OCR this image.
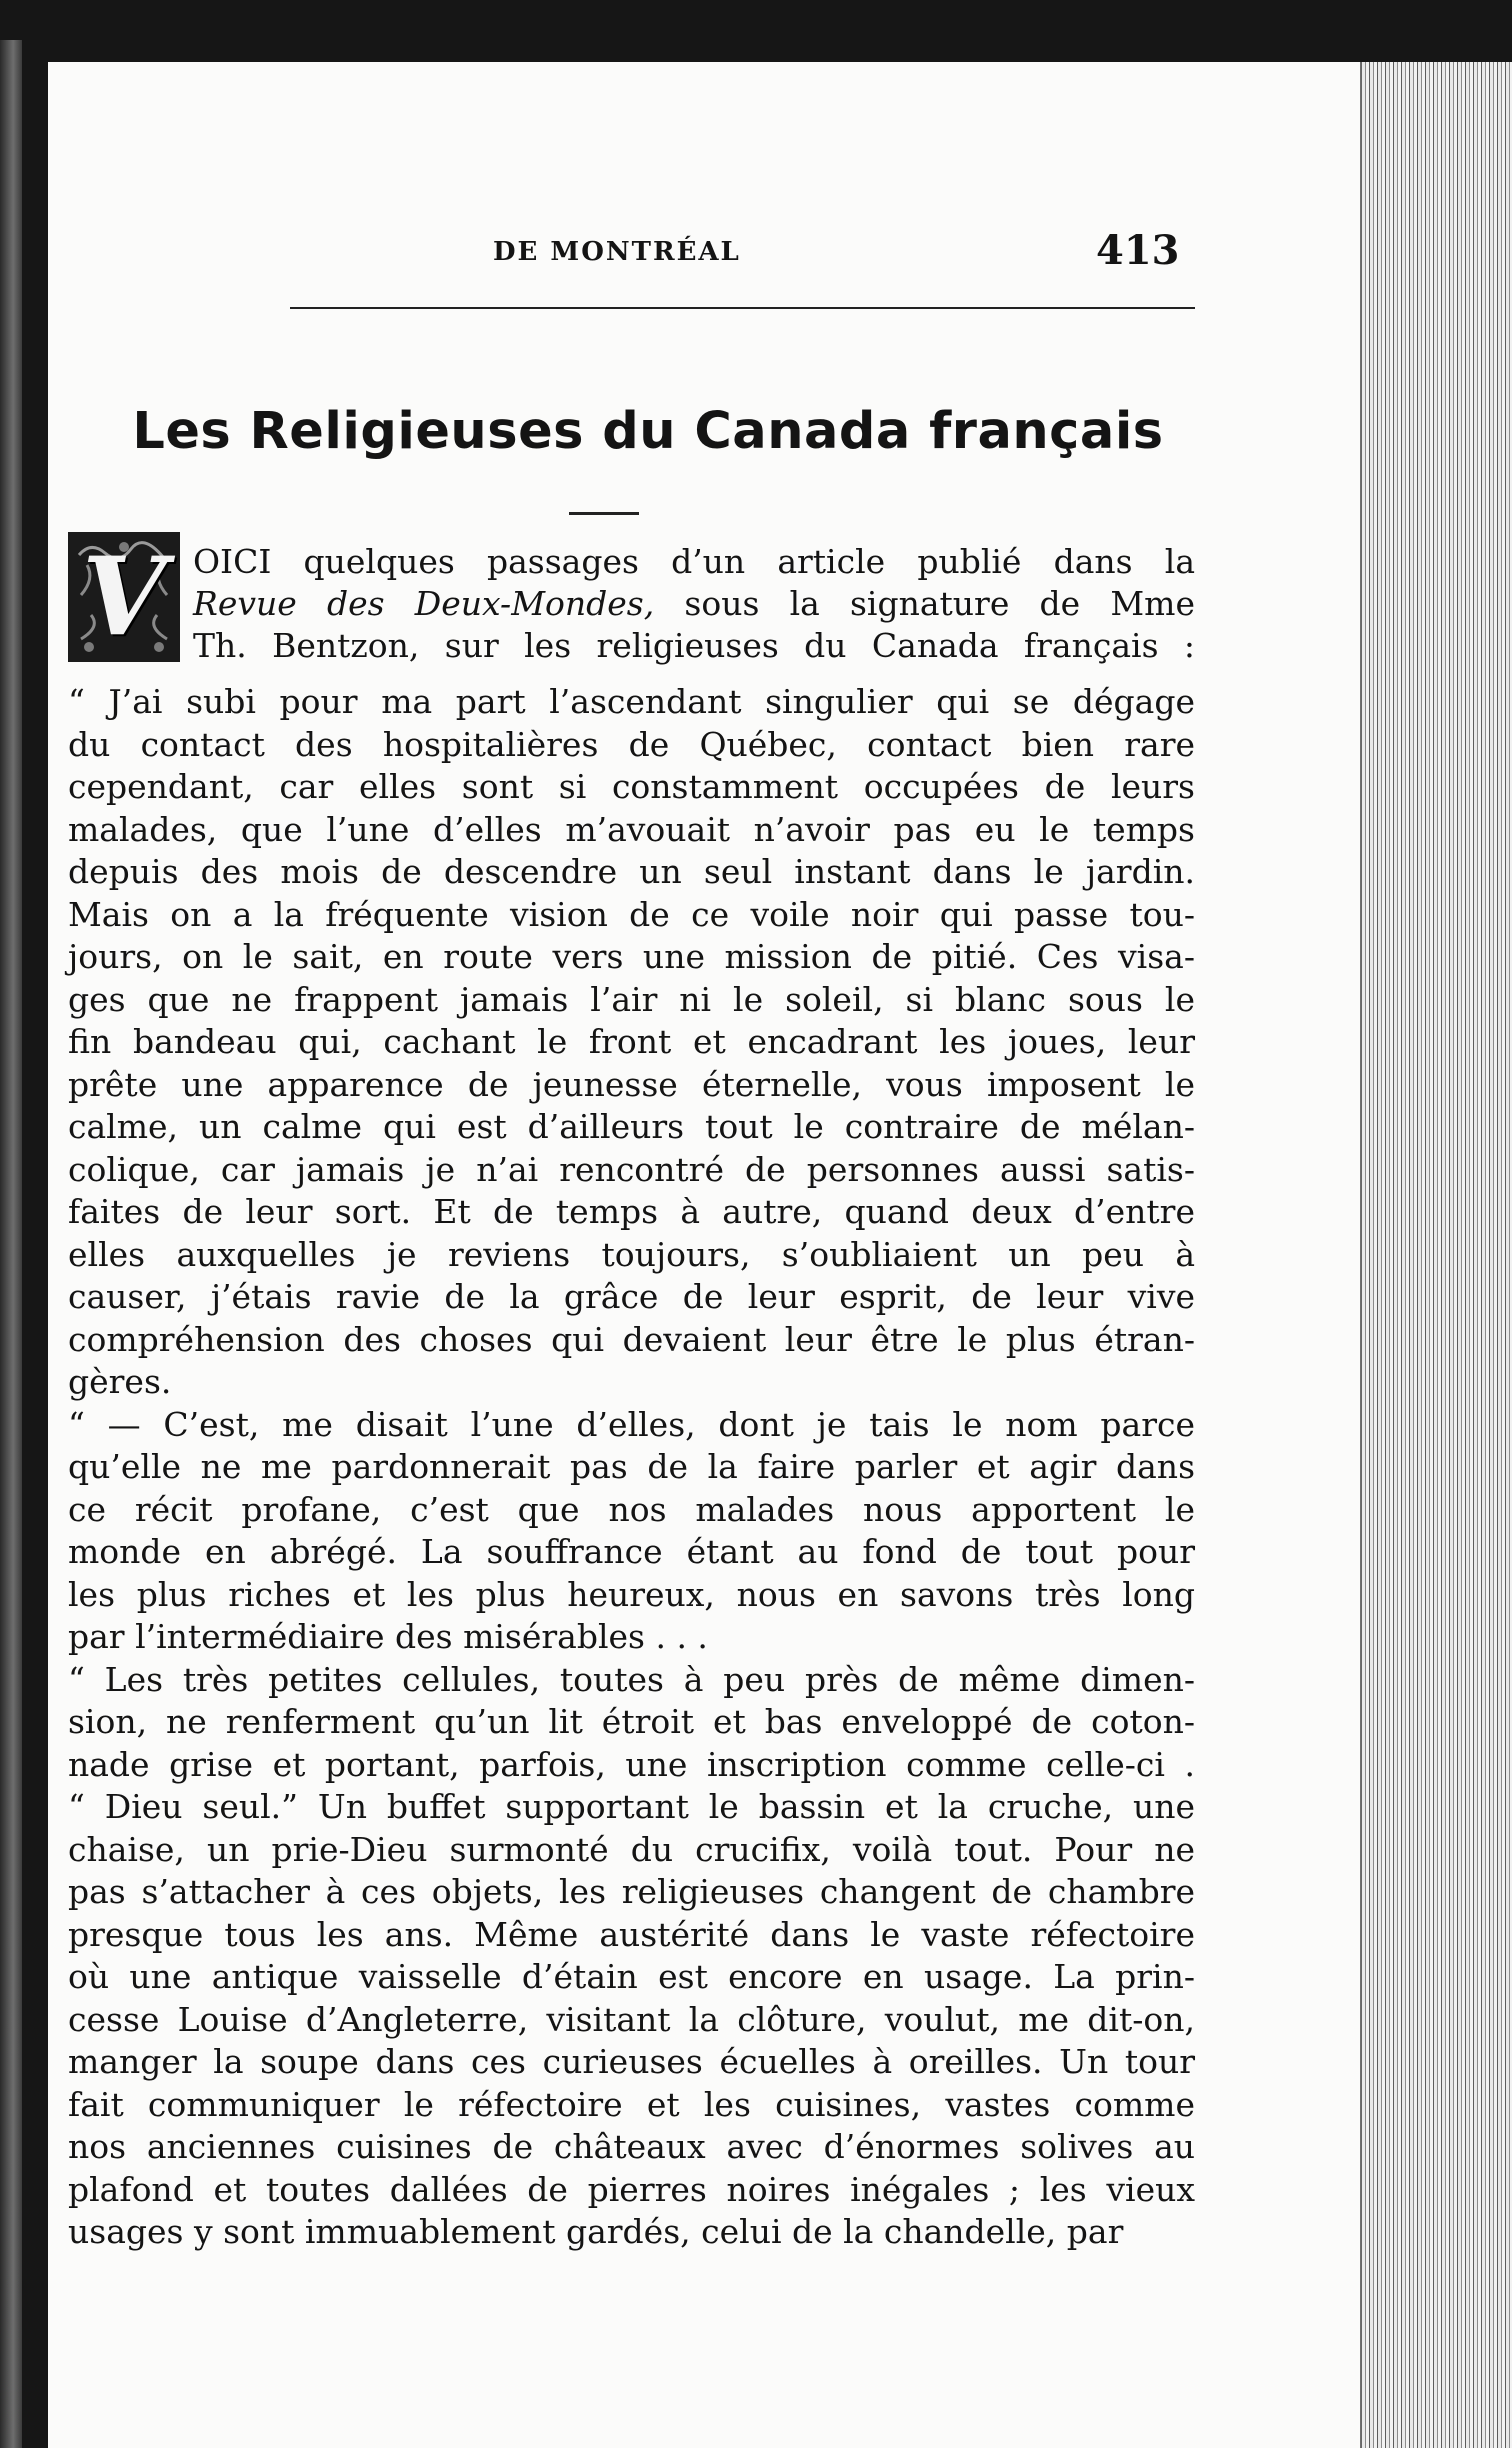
DE MONTRÉAL	413
Les Religieuses du Canada français
V OICI quelques passages d’un article publié dans la
Revue des Deux-Mondes, sous la signature de Mme
Th. Bentzon, sur les religieuses du Canada français :
“ J’ai subi pour ma part l’ascendant singulier qui se dégage
du contact des hospitalières de Québec, contact bien rare
cependant, car elles sont si constamment occupées de leurs
malades, que l’une d’elles m’avouait n’avoir pas eu le temps
depuis des mois de descendre un seul instant dans le jardin.
Mais on a la fréquente vision de ce voile noir qui passe tou-
jours, on le sait, en route vers une mission de pitié. Ces visa-
ges que ne frappent jamais l’air ni le soleil, si blanc sous le
fin bandeau qui, cachant le front et encadrant les joues, leur
prête une apparence de jeunesse éternelle, vous imposent le
calme, un calme qui est d’ailleurs tout le contraire de mélan-
colique, car jamais je n’ai rencontré de personnes aussi satis-
faites de leur sort. Et de temps à autre, quand deux d’entre
elles auxquelles je reviens toujours, s’oubliaient un peu à
causer, j’étais ravie de la grâce de leur esprit, de leur vive
compréhension des choses qui devaient leur être le plus étran-
gères.
“ — C’est, me disait l’une d’elles, dont je tais le nom parce
qu’elle ne me pardonnerait pas de la faire parler et agir dans
ce récit profane, c’est que nos malades nous apportent le
monde en abrégé. La souffrance étant au fond de tout pour
les plus riches et les plus heureux, nous en savons très long
par l’intermédiaire des misérables . . .
“ Les très petites cellules, toutes à peu près de même dimen-
sion, ne renferment qu’un lit étroit et bas enveloppé de coton-
nade grise et portant, parfois, une inscription comme celle-ci .
“ Dieu seul.” Un buffet supportant le bassin et la cruche, une
chaise, un prie-Dieu surmonté du crucifix, voilà tout. Pour ne
pas s’attacher à ces objets, les religieuses changent de chambre
presque tous les ans. Même austérité dans le vaste réfectoire
où une antique vaisselle d’étain est encore en usage. La prin-
cesse Louise d’Angleterre, visitant la clôture, voulut, me dit-on,
manger la soupe dans ces curieuses écuelles à oreilles. Un tour
fait communiquer le réfectoire et les cuisines, vastes comme
nos anciennes cuisines de châteaux avec d’énormes solives au
plafond et toutes dallées de pierres noires inégales ; les vieux
usages y sont immuablement gardés, celui de la chandelle, par
